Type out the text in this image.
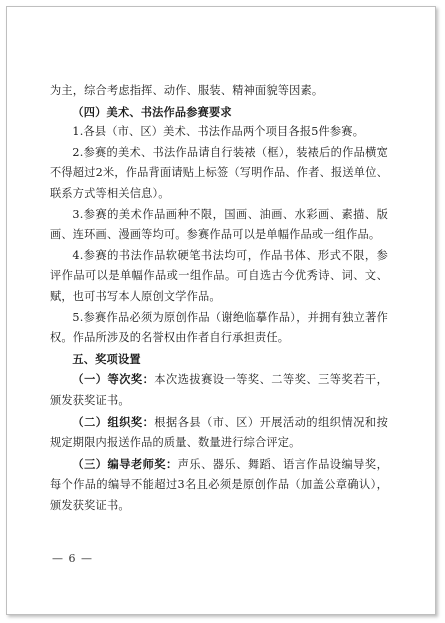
为主，综合考虑指挥、动作、服装、精神面貌等因素。

（四）美术、书法作品参赛要求

1.各县（市、区）美术、书法作品两个项目各报5件参赛。

2.参赛的美术、书法作品请自行装裱（框），装裱后的作品横宽不得超过2米，作品背面请贴上标签（写明作品、作者、报送单位、联系方式等相关信息）。

3.参赛的美术作品画种不限，国画、油画、水彩画、素描、版画、连环画、漫画等均可。参赛作品可以是单幅作品或一组作品。

4.参赛的书法作品软硬笔书法均可，作品书体、形式不限，参评作品可以是单幅作品或一组作品。可自选古今优秀诗、词、文、赋，也可书写本人原创文学作品。

5.参赛作品必须为原创作品（谢绝临摹作品），并拥有独立著作权。作品所涉及的名誉权由作者自行承担责任。

五、奖项设置

（一）等次奖：本次选拔赛设一等奖、二等奖、三等奖若干，颁发获奖证书。

（二）组织奖：根据各县（市、区）开展活动的组织情况和按规定期限内报送作品的质量、数量进行综合评定。

（三）编导老师奖：声乐、器乐、舞蹈、语言作品设编导奖，每个作品的编导不能超过3名且必须是原创作品（加盖公章确认），颁发获奖证书。

— 6 —
